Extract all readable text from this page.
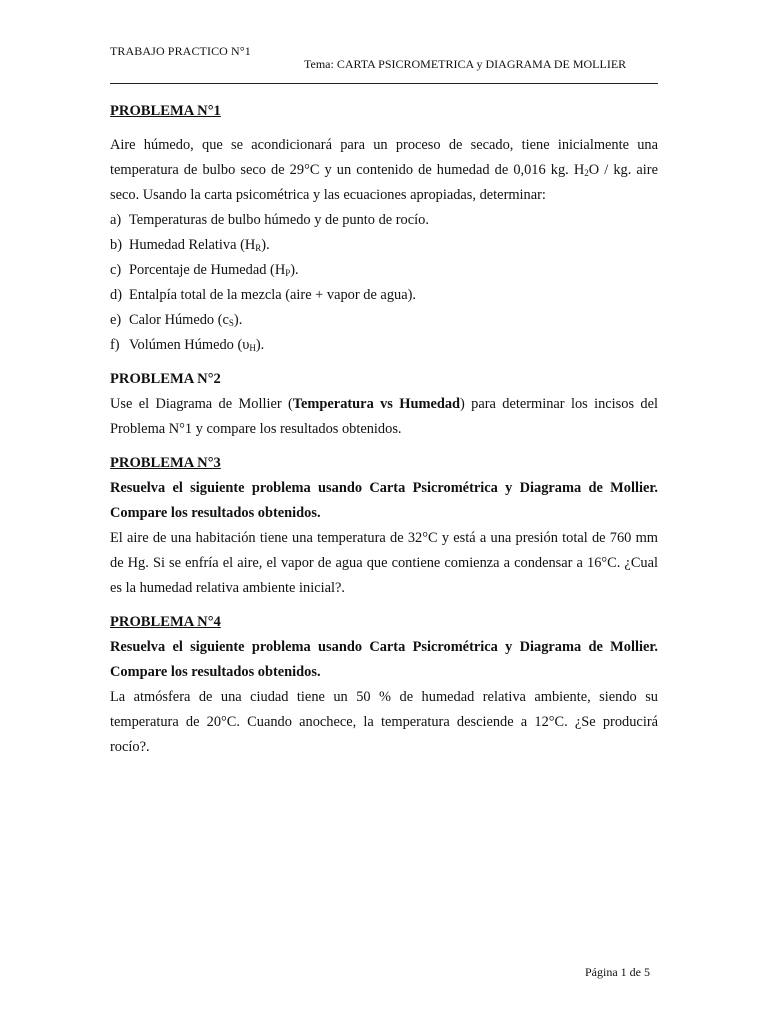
TRABAJO PRACTICO N°1
Tema: CARTA PSICROMETRICA y DIAGRAMA DE MOLLIER
PROBLEMA N°1

Aire húmedo, que se acondicionará para un proceso de secado, tiene inicialmente una temperatura de bulbo seco de 29°C y un contenido de humedad de 0,016 kg. $H_2O$ / kg. aire seco. Usando la carta psicométrica y las ecuaciones apropiadas, determinar:

a) Temperaturas de bulbo húmedo y de punto de rocío.
b) Humedad Relativa $(H_R)$.
c) Porcentaje de Humedad $(H_P)$.
d) Entalpía total de la mezcla (aire + vapor de agua).
e) Calor Húmedo $(c_S)$.
f) Volúmen Húmedo $(\upsilon_H)$.
PROBLEMA N°2

Use el Diagrama de Mollier (Temperatura vs Humedad) para determinar los incisos del Problema N°1 y compare los resultados obtenidos.

PROBLEMA N°3

Resuelva el siguiente problema usando Carta Psicrométrica y Diagrama de Mollier. Compare los resultados obtenidos.

El aire de una habitación tiene una temperatura de 32°C y está a una presión total de 760 mm de Hg. Si se enfría el aire, el vapor de agua que contiene comienza a condensar a 16°C. ¿Cual es la humedad relativa ambiente inicial?.

PROBLEMA N°4

Resuelva el siguiente problema usando Carta Psicrométrica y Diagrama de Mollier. Compare los resultados obtenidos.

La atmósfera de una ciudad tiene un 50 % de humedad relativa ambiente, siendo su temperatura de 20°C. Cuando anochece, la temperatura desciende a 12°C. ¿Se producirá rocío?.

Página 1 de 5
